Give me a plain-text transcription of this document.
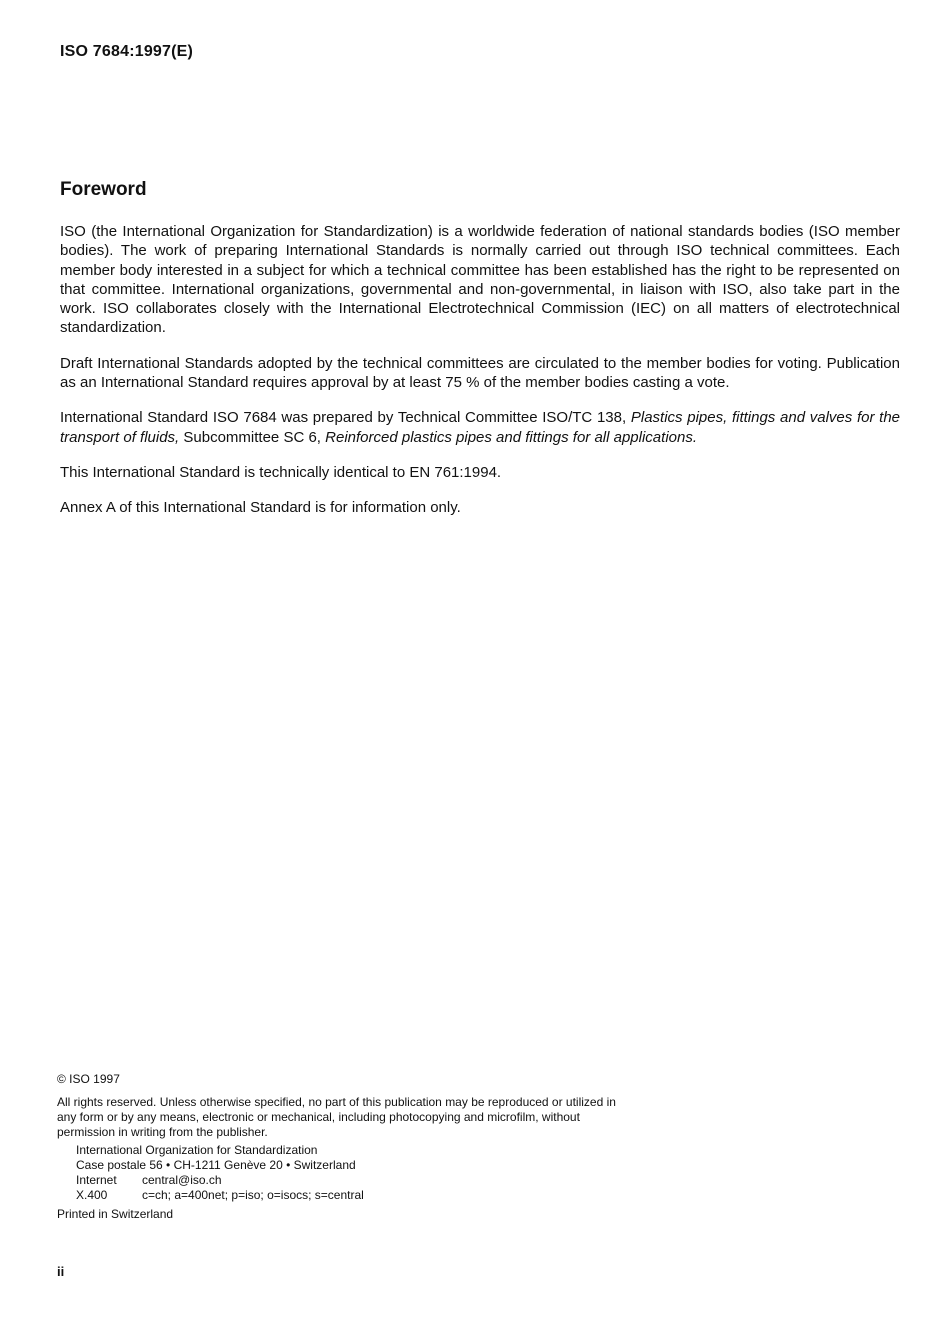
ISO 7684:1997(E)
Foreword

ISO (the International Organization for Standardization) is a worldwide federation of national standards bodies (ISO member bodies). The work of preparing International Standards is normally carried out through ISO technical committees. Each member body interested in a subject for which a technical committee has been established has the right to be represented on that committee. International organizations, governmental and non-governmental, in liaison with ISO, also take part in the work. ISO collaborates closely with the International Electrotechnical Commission (IEC) on all matters of electrotechnical standardization.

Draft International Standards adopted by the technical committees are circulated to the member bodies for voting. Publication as an International Standard requires approval by at least 75 % of the member bodies casting a vote.

International Standard ISO 7684 was prepared by Technical Committee ISO/TC 138, Plastics pipes, fittings and valves for the transport of fluids, Subcommittee SC 6, Reinforced plastics pipes and fittings for all applications.

This International Standard is technically identical to EN 761:1994.

Annex A of this International Standard is for information only.

© ISO 1997
All rights reserved. Unless otherwise specified, no part of this publication may be reproduced or utilized in any form or by any means, electronic or mechanical, including photocopying and microfilm, without permission in writing from the publisher.
International Organization for Standardization
Case postale 56 • CH-1211 Genève 20 • Switzerland
Internet	central@iso.ch
X.400	c=ch; a=400net; p=iso; o=isocs; s=central
Printed in Switzerland
ii
